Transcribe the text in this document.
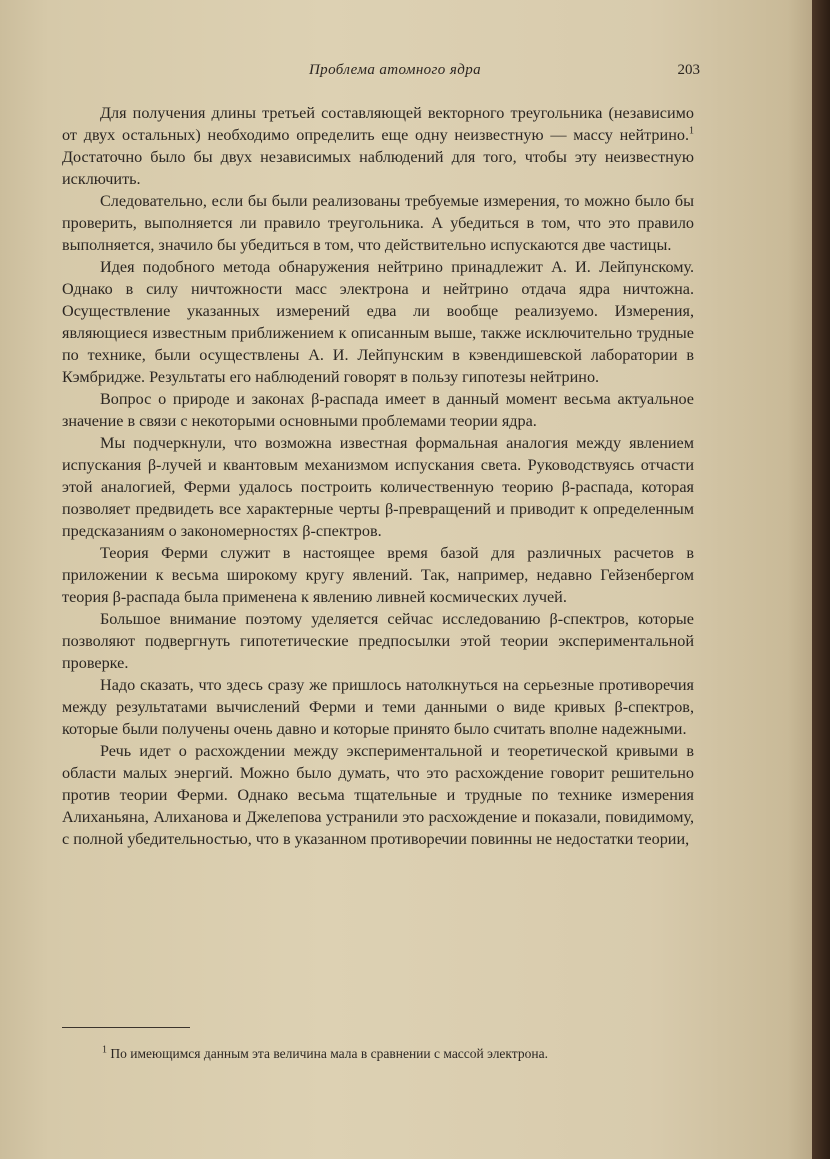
Проблема атомного ядра	203

Для получения длины третьей составляющей векторного треугольника (независимо от двух остальных) необходимо определить еще одну неизвестную — массу нейтрино.$^1$ Достаточно было бы двух независимых наблюдений для того, чтобы эту неизвестную исключить.

Следовательно, если бы были реализованы требуемые измерения, то можно было бы проверить, выполняется ли правило треугольника. А убедиться в том, что это правило выполняется, значило бы убедиться в том, что действительно испускаются две частицы.

Идея подобного метода обнаружения нейтрино принадлежит А. И. Лейпунскому. Однако в силу ничтожности масс электрона и нейтрино отдача ядра ничтожна. Осуществление указанных измерений едва ли вообще реализуемо. Измерения, являющиеся известным приближением к описанным выше, также исключительно трудные по технике, были осуществлены А. И. Лейпунским в кэвендишевской лаборатории в Кэмбридже. Результаты его наблюдений говорят в пользу гипотезы нейтрино.

Вопрос о природе и законах β-распада имеет в данный момент весьма актуальное значение в связи с некоторыми основными проблемами теории ядра.

Мы подчеркнули, что возможна известная формальная аналогия между явлением испускания β-лучей и квантовым механизмом испускания света. Руководствуясь отчасти этой аналогией, Ферми удалось построить количественную теорию β-распада, которая позволяет предвидеть все характерные черты β-превращений и приводит к определенным предсказаниям о закономерностях β-спектров.

Теория Ферми служит в настоящее время базой для различных расчетов в приложении к весьма широкому кругу явлений. Так, например, недавно Гейзенбергом теория β-распада была применена к явлению ливней космических лучей.

Большое внимание поэтому уделяется сейчас исследованию β-спектров, которые позволяют подвергнуть гипотетические предпосылки этой теории экспериментальной проверке.

Надо сказать, что здесь сразу же пришлось натолкнуться на серьезные противоречия между результатами вычислений Ферми и теми данными о виде кривых β-спектров, которые были получены очень давно и которые принято было считать вполне надежными.

Речь идет о расхождении между экспериментальной и теоретической кривыми в области малых энергий. Можно было думать, что это расхождение говорит решительно против теории Ферми. Однако весьма тщательные и трудные по технике измерения Алиханьяна, Алиханова и Джелепова устранили это расхождение и показали, повидимому, с полной убедительностью, что в указанном противоречии повинны не недостатки теории,

$^1$ По имеющимся данным эта величина мала в сравнении с массой электрона.
